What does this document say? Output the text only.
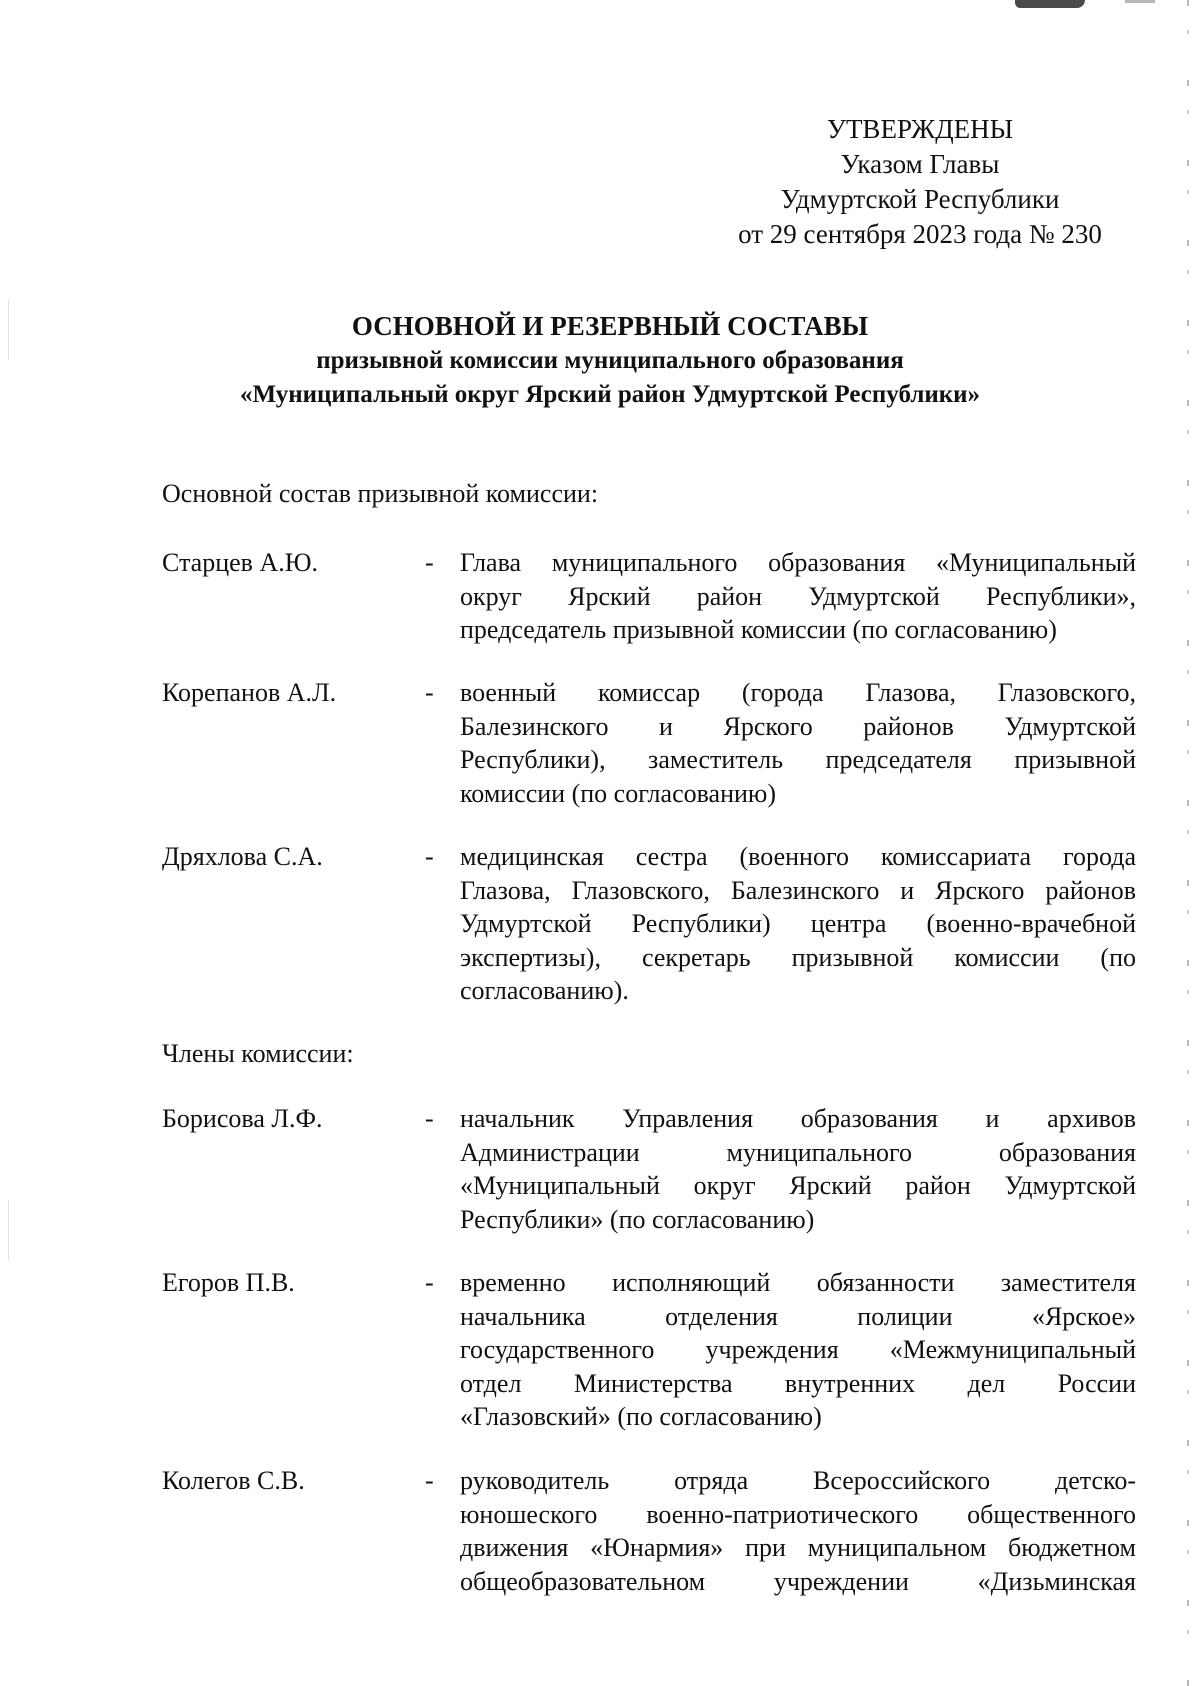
УТВЕРЖДЕНЫ
Указом Главы
Удмуртской Республики
от 29 сентября 2023 года № 230
ОСНОВНОЙ И РЕЗЕРВНЫЙ СОСТАВЫ
призывной комиссии муниципального образования
«Муниципальный округ Ярский район Удмуртской Республики»
Основной состав призывной комиссии:
Старцев А.Ю.	- Глава муниципального образования «Муниципальный
округ Ярский район Удмуртской Республики»,
председатель призывной комиссии (по согласованию)
Корепанов А.Л.	- военный комиссар (города Глазова, Глазовского,
Балезинского и Ярского районов Удмуртской
Республики), заместитель председателя призывной
комиссии (по согласованию)
Дряхлова С.А.	- медицинская сестра (военного комиссариата города
Глазова, Глазовского, Балезинского и Ярского районов
Удмуртской Республики) центра (военно-врачебной
экспертизы), секретарь призывной комиссии (по
согласованию).
Члены комиссии:
Борисова Л.Ф.	- начальник Управления образования и архивов
Администрации муниципального образования
«Муниципальный округ Ярский район Удмуртской
Республики» (по согласованию)
Егоров П.В.	- временно исполняющий обязанности заместителя
начальника отделения полиции «Ярское»
государственного учреждения «Межмуниципальный
отдел Министерства внутренних дел России
«Глазовский» (по согласованию)
Колегов С.В.	- руководитель отряда Всероссийского детско-
юношеского военно-патриотического общественного
движения «Юнармия» при муниципальном бюджетном
общеобразовательном учреждении «Дизьминская
